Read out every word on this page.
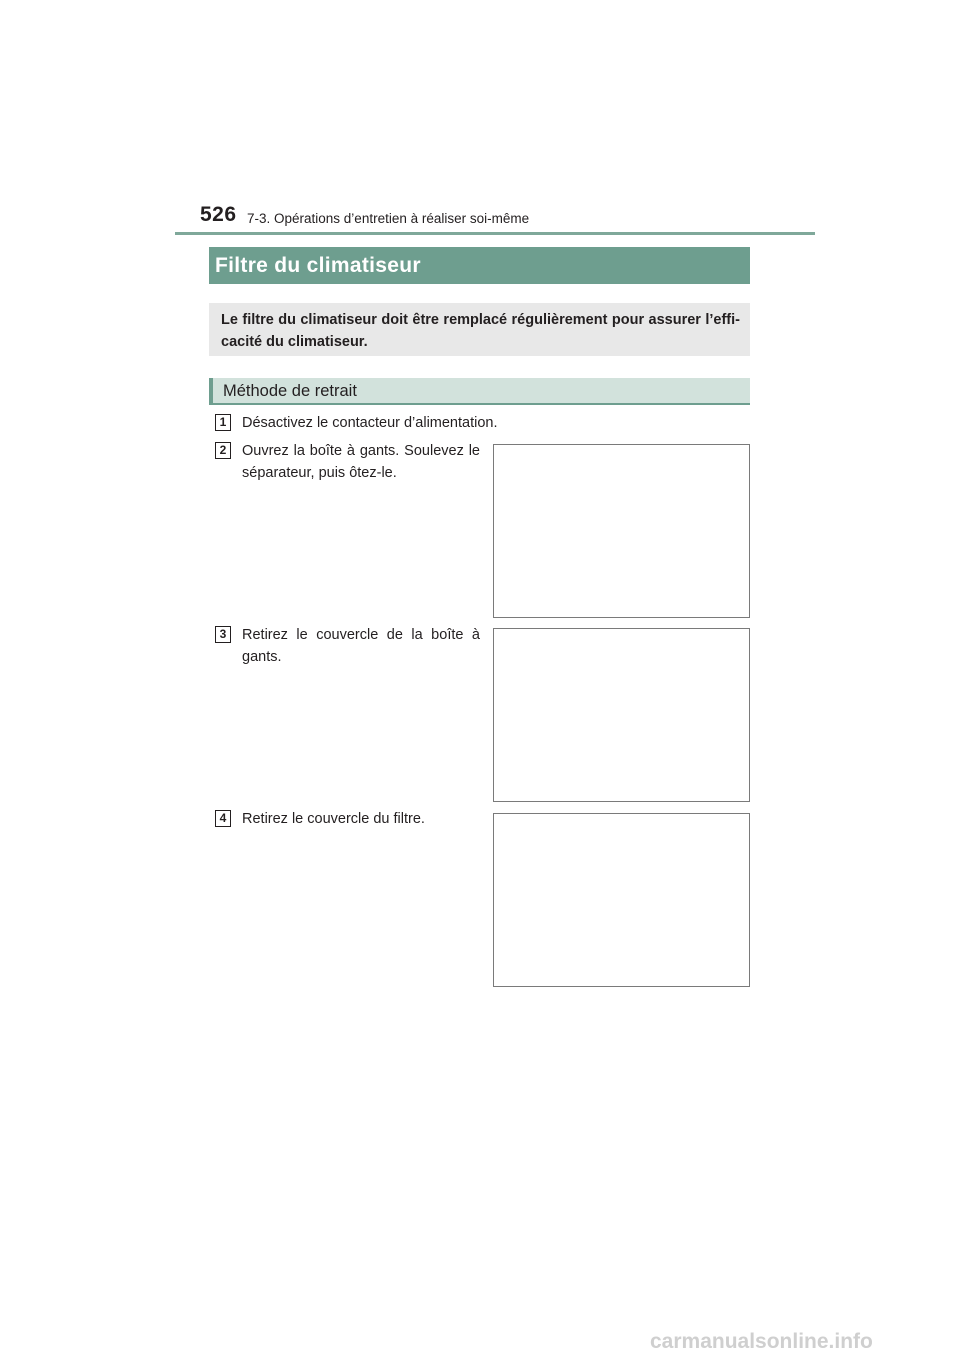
526 7-3. Opérations d’entretien à réaliser soi-même
Filtre du climatiseur
Le filtre du climatiseur doit être remplacé régulièrement pour assurer l’effi-cacité du climatiseur.
Méthode de retrait
1	Désactivez le contacteur d’alimentation.
2	Ouvrez la boîte à gants. Soulevez le séparateur, puis ôtez-le.
3	Retirez le couvercle de la boîte à gants.
4	Retirez le couvercle du filtre.
carmanualsonline.info
